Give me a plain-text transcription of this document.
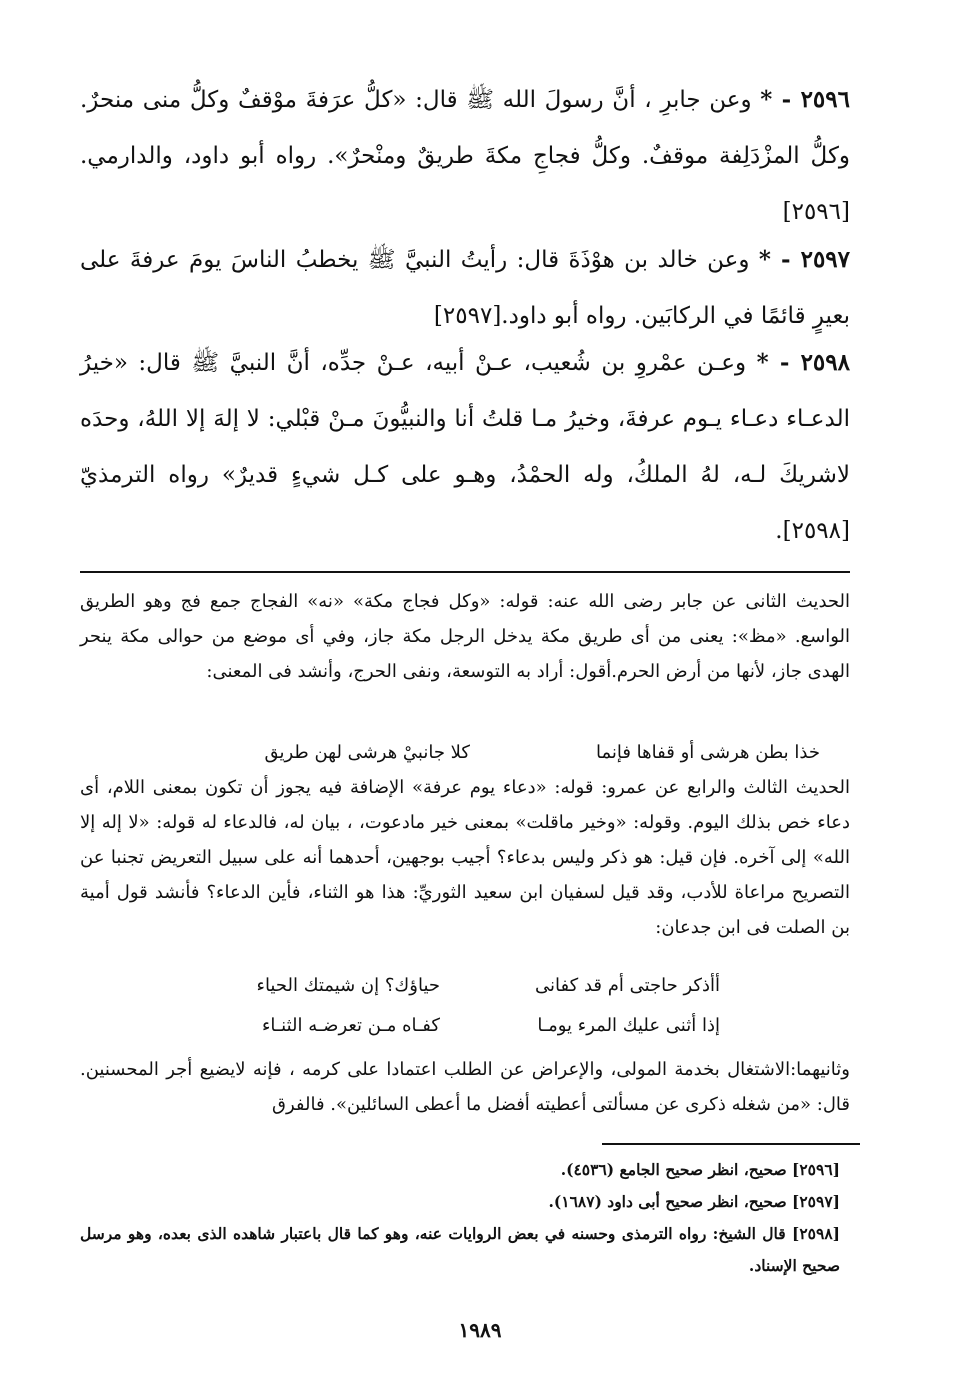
٢٥٩٦ - * وعن جابرِ ، أنَّ رسولَ الله ﷺ قال: «كلُّ عرَفةَ موْقفٌ وكلُّ منى منحرٌ. وكلُّ المزْدَلِفة موقفٌ. وكلُّ فجاجِ مكةَ طريقٌ ومنْحرٌ». رواه أبو داود، والدارمي.[٢٥٩٦]

٢٥٩٧ - * وعن خالد بن هوْذَةَ قال: رأيتُ النبيَّ ﷺ يخطبُ الناسَ يومَ عرفةَ على بعيرٍ قائمًا في الركابَين. رواه أبو داود.[٢٥٩٧]

٢٥٩٨ - * وعـن عمْروِ بن شُعيب، عـنْ أبيه، عـنْ جدِّه، أنَّ النبيَّ ﷺ قال: «خيرُ الدعـاء دعـاء يـوم عرفةَ، وخيرُ مـا قلتُ أنا والنبيُّونَ مـنْ قبْلي: لا إلهَ إلا اللهُ، وحدَه لاشريكَ لـه، لهُ الملكُ، وله الحمْدُ، وهـو على كـل شيءٍ قديرٌ» رواه الترمذيّ [٢٥٩٨].

الحديث الثانى عن جابر رضى الله عنه: قوله: «وكل فجاج مكة» «نه» الفجاج جمع فج وهو الطريق الواسع. «مظ»: يعنى من أى طريق مكة يدخل الرجل مكة جاز، وفي أى موضع من حوالى مكة ينحر الهدى جاز، لأنها من أرض الحرم.أقول: أراد به التوسعة، ونفى الحرج، وأنشد فى المعنى:

خذا بطن هرشى أو قفاها فإنما
كلا جانبيْ هرشى لهن طريق

الحديث الثالث والرابع عن عمرو: قوله: «دعاء يوم عرفة» الإضافة فيه يجوز أن تكون بمعنى اللام، أى دعاء خص بذلك اليوم. وقوله: «وخير ماقلت» بمعنى خير مادعوت، ، بيان له، فالدعاء له قوله: «لا إله إلا الله» إلى آخره. فإن قيل: هو ذكر وليس بدعاء؟ أجيب بوجهين، أحدهما أنه على سبيل التعريض تجنبا عن التصريح مراعاة للأدب، وقد قيل لسفيان ابن سعيد الثوريِّ: هذا هو الثناء، فأين الدعاء؟ فأنشد قول أمية بن الصلت فى ابن جدعان:

أأذكر حاجتى أم قد كفانى
حياؤك؟ إن شيمتك الحياء
إذا أثنى عليك المرء يومـا
كفـاه مـن تعرضـه الثنـاء

وثانيهما:الاشتغال بخدمة المولى، والإعراض عن الطلب اعتمادا على كرمه ، فإنه لايضيع أجر المحسنين. قال: «من شغله ذكرى عن مسألتى أعطيته أفضل ما أعطى السائلين». فالفرق

[٢٥٩٦] صحيح، انظر صحيح الجامع (٤٥٣٦).

[٢٥٩٧] صحيح، انظر صحيح أبى داود (١٦٨٧).

[٢٥٩٨] قال الشيخ: رواه الترمذى وحسنه في بعض الروايات عنه، وهو كما قال باعتبار شاهده الذى بعده، وهو مرسل صحيح الإسناد.

١٩٨٩
